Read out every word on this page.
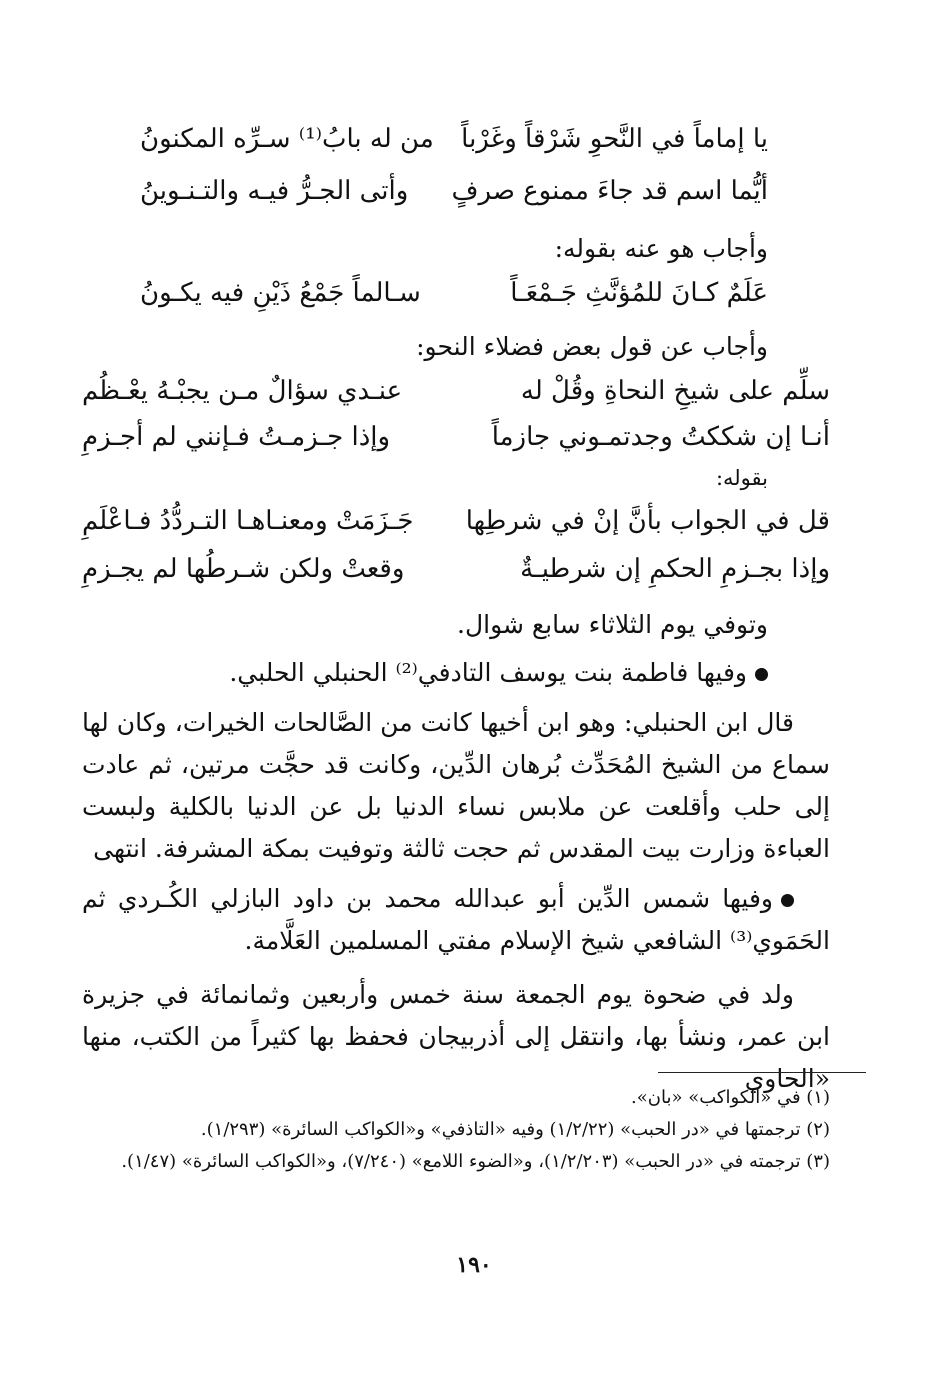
يا إماماً في النَّحوِ شَرْقاً وغَرْباً
من له بابُ⁽¹⁾ سـرِّه المكنونُ
أيُّما اسم قد جاءَ ممنوع صرفٍ
وأتى الجـرُّ فيـه والتـنـوينُ
وأجاب هو عنه بقوله:
عَلَمٌ كـانَ للمُؤنَّثِ جَـمْعَـاً
سـالماً جَمْعُ ذَيْنِ فيه يكـونُ
وأجاب عن قول بعض فضلاء النحو:
سلِّم على شيخِ النحاةِ وقُلْ له
عنـدي سؤالٌ مـن يجبْـهُ يعْـظُم
أنـا إن شككتُ وجدتمـوني جازماً
وإذا جـزمـتُ فـإنني لم أجـزمِ
بقوله:
قل في الجواب بأنَّ إنْ في شرطِها
جَـزَمَتْ ومعنـاهـا التـردُّدُ فـاعْلَمِ
وإذا بجـزمِ الحكمِ إن شرطيـةٌ
وقعتْ ولكن شـرطُها لم يجـزمِ
وتوفي يوم الثلاثاء سابع شوال.
وفيها فاطمة بنت يوسف التادفي⁽²⁾ الحنبلي الحلبي.

قال ابن الحنبلي: وهو ابن أخيها كانت من الصَّالحات الخيرات، وكان لها سماع من الشيخ المُحَدِّث بُرهان الدِّين، وكانت قد حجَّت مرتين، ثم عادت إلى حلب وأقلعت عن ملابس نساء الدنيا بل عن الدنيا بالكلية ولبست العباءة وزارت بيت المقدس ثم حجت ثالثة وتوفيت بمكة المشرفة. انتهى

وفيها شمس الدِّين أبو عبدالله محمد بن داود البازلي الكُـردي ثم الحَمَوي⁽³⁾ الشافعي شيخ الإسلام مفتي المسلمين العَلَّامة.

ولد في ضحوة يوم الجمعة سنة خمس وأربعين وثمانمائة في جزيرة ابن عمر، ونشأ بها، وانتقل إلى أذربيجان فحفظ بها كثيراً من الكتب، منها «الحاوي

(١) في «الكواكب» «بان».

(٢) ترجمتها في «در الحبب» (١/٢/٢٢) وفيه «التاذفي» و«الكواكب السائرة» (١/٢٩٣).

(٣) ترجمته في «در الحبب» (١/٢/٢٠٣)، و«الضوء اللامع» (٧/٢٤٠)، و«الكواكب السائرة» (١/٤٧).

١٩٠
